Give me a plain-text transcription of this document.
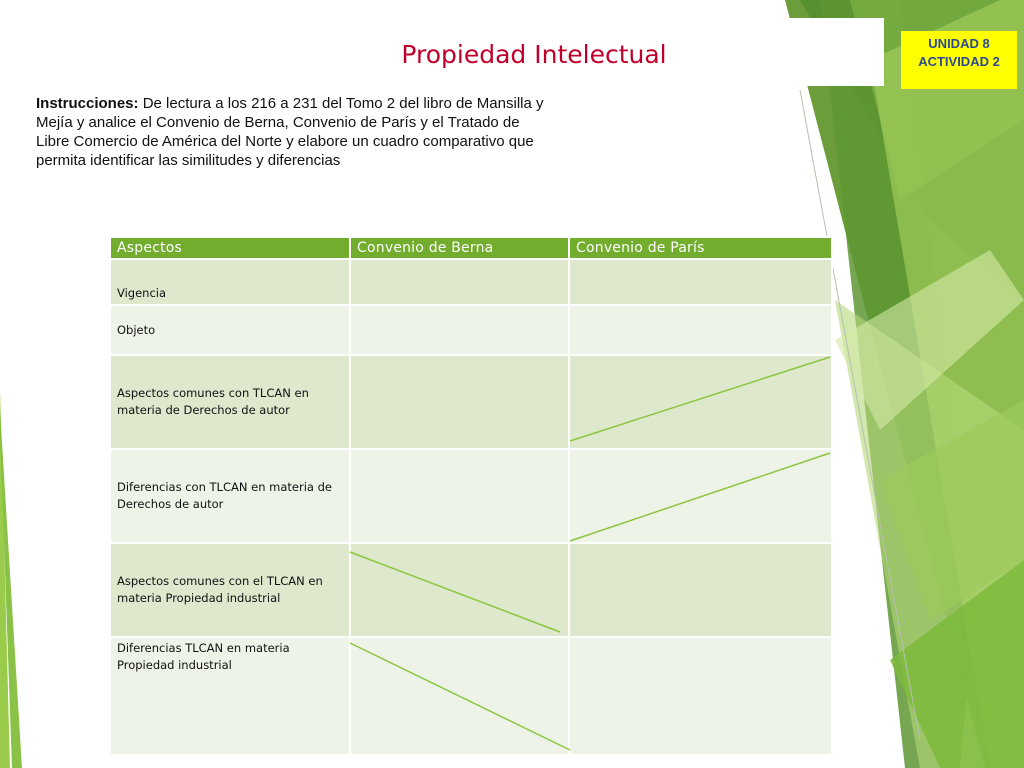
Propiedad Intelectual	UNIDAD 8
ACTIVIDAD 2
Instrucciones: De lectura a los 216 a 231 del Tomo 2 del libro de Mansilla y Mejía y analice el Convenio de Berna, Convenio de París y el Tratado de Libre Comercio de América del Norte y elabore un cuadro comparativo que permita identificar las similitudes y diferencias
Aspectos	Convenio de Berna	Convenio de París
Vigencia		
Objeto		
Aspectos comunes con TLCAN en materia de Derechos de autor		
Diferencias con TLCAN en materia de Derechos de autor		
Aspectos comunes con el TLCAN en materia Propiedad industrial		
Diferencias TLCAN en materia Propiedad industrial		
